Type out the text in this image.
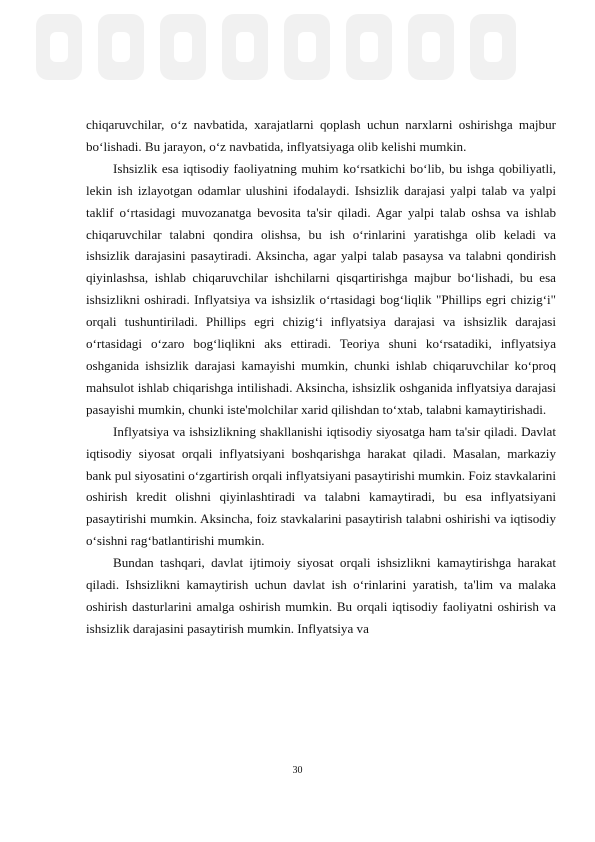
chiqaruvchilar, o‘z navbatida, xarajatlarni qoplash uchun narxlarni oshirishga majbur bo‘lishadi. Bu jarayon, o‘z navbatida, inflyatsiyaga olib kelishi mumkin.

Ishsizlik esa iqtisodiy faoliyatning muhim ko‘rsatkichi bo‘lib, bu ishga qobiliyatli, lekin ish izlayotgan odamlar ulushini ifodalaydi. Ishsizlik darajasi yalpi talab va yalpi taklif o‘rtasidagi muvozanatga bevosita ta'sir qiladi. Agar yalpi talab oshsa va ishlab chiqaruvchilar talabni qondira olishsa, bu ish o‘rinlarini yaratishga olib keladi va ishsizlik darajasini pasaytiradi. Aksincha, agar yalpi talab pasaysa va talabni qondirish qiyinlashsa, ishlab chiqaruvchilar ishchilarni qisqartirishga majbur bo‘lishadi, bu esa ishsizlikni oshiradi. Inflyatsiya va ishsizlik o‘rtasidagi bog‘liqlik "Phillips egri chizig‘i" orqali tushuntiriladi. Phillips egri chizig‘i inflyatsiya darajasi va ishsizlik darajasi o‘rtasidagi o‘zaro bog‘liqlikni aks ettiradi. Teoriya shuni ko‘rsatadiki, inflyatsiya oshganida ishsizlik darajasi kamayishi mumkin, chunki ishlab chiqaruvchilar ko‘proq mahsulot ishlab chiqarishga intilishadi. Aksincha, ishsizlik oshganida inflyatsiya darajasi pasayishi mumkin, chunki iste'molchilar xarid qilishdan to‘xtab, talabni kamaytirishadi.

Inflyatsiya va ishsizlikning shakllanishi iqtisodiy siyosatga ham ta'sir qiladi. Davlat iqtisodiy siyosat orqali inflyatsiyani boshqarishga harakat qiladi. Masalan, markaziy bank pul siyosatini o‘zgartirish orqali inflyatsiyani pasaytirishi mumkin. Foiz stavkalarini oshirish kredit olishni qiyinlashtiradi va talabni kamaytiradi, bu esa inflyatsiyani pasaytirishi mumkin. Aksincha, foiz stavkalarini pasaytirish talabni oshirishi va iqtisodiy o‘sishni rag‘batlantirishi mumkin.

Bundan tashqari, davlat ijtimoiy siyosat orqali ishsizlikni kamaytirishga harakat qiladi. Ishsizlikni kamaytirish uchun davlat ish o‘rinlarini yaratish, ta'lim va malaka oshirish dasturlarini amalga oshirish mumkin. Bu orqali iqtisodiy faoliyatni oshirish va ishsizlik darajasini pasaytirish mumkin. Inflyatsiya va

30
